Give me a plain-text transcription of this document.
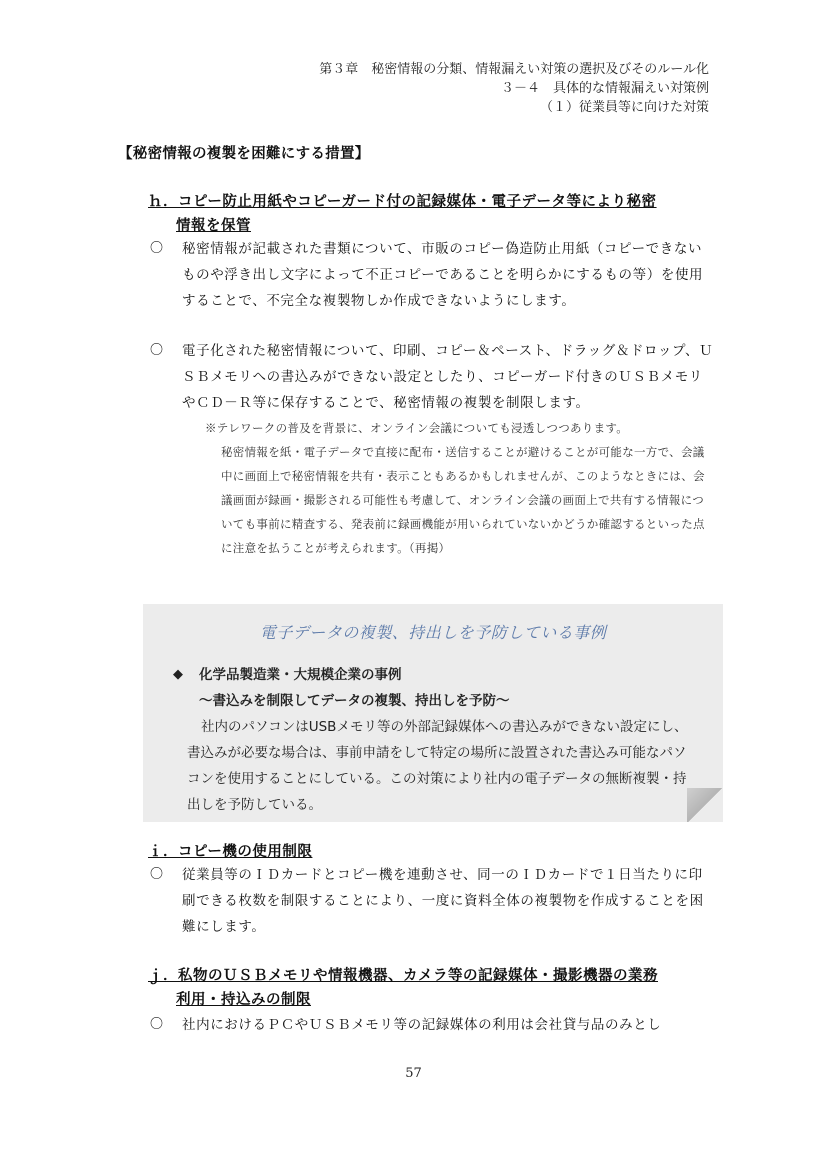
第３章　秘密情報の分類、情報漏えい対策の選択及びそのルール化
３－４　具体的な情報漏えい対策例
（１）従業員等に向けた対策
【秘密情報の複製を困難にする措置】
ｈ．コピー防止用紙やコピーガード付の記録媒体・電子データ等により秘密
情報を保管
〇	秘密情報が記載された書類について、市販のコピー偽造防止用紙（コピーできないものや浮き出し文字によって不正コピーであることを明らかにするもの等）を使用することで、不完全な複製物しか作成できないようにします。
〇	電子化された秘密情報について、印刷、コピー＆ペースト、ドラッグ＆ドロップ、ＵＳＢメモリへの書込みができない設定としたり、コピーガード付きのＵＳＢメモリやＣＤ－Ｒ等に保存することで、秘密情報の複製を制限します。
※テレワークの普及を背景に、オンライン会議についても浸透しつつあります。
秘密情報を紙・電子データで直接に配布・送信することが避けることが可能な一方で、会議中に画面上で秘密情報を共有・表示こともあるかもしれませんが、このようなときには、会議画面が録画・撮影される可能性も考慮して、オンライン会議の画面上で共有する情報についても事前に精査する、発表前に録画機能が用いられていないかどうか確認するといった点に注意を払うことが考えられます。（再掲）
電子データの複製、持出しを予防している事例
◆	化学品製造業・大規模企業の事例
～書込みを制限してデータの複製、持出しを予防～
社内のパソコンはUSBメモリ等の外部記録媒体への書込みができない設定にし、書込みが必要な場合は、事前申請をして特定の場所に設置された書込み可能なパソコンを使用することにしている。この対策により社内の電子データの無断複製・持出しを予防している。
ｉ．コピー機の使用制限
〇	従業員等のＩＤカードとコピー機を連動させ、同一のＩＤカードで１日当たりに印刷できる枚数を制限することにより、一度に資料全体の複製物を作成することを困難にします。
ｊ．私物のＵＳＢメモリや情報機器、カメラ等の記録媒体・撮影機器の業務
利用・持込みの制限
〇	社内におけるＰＣやＵＳＢメモリ等の記録媒体の利用は会社貸与品のみとし
57
